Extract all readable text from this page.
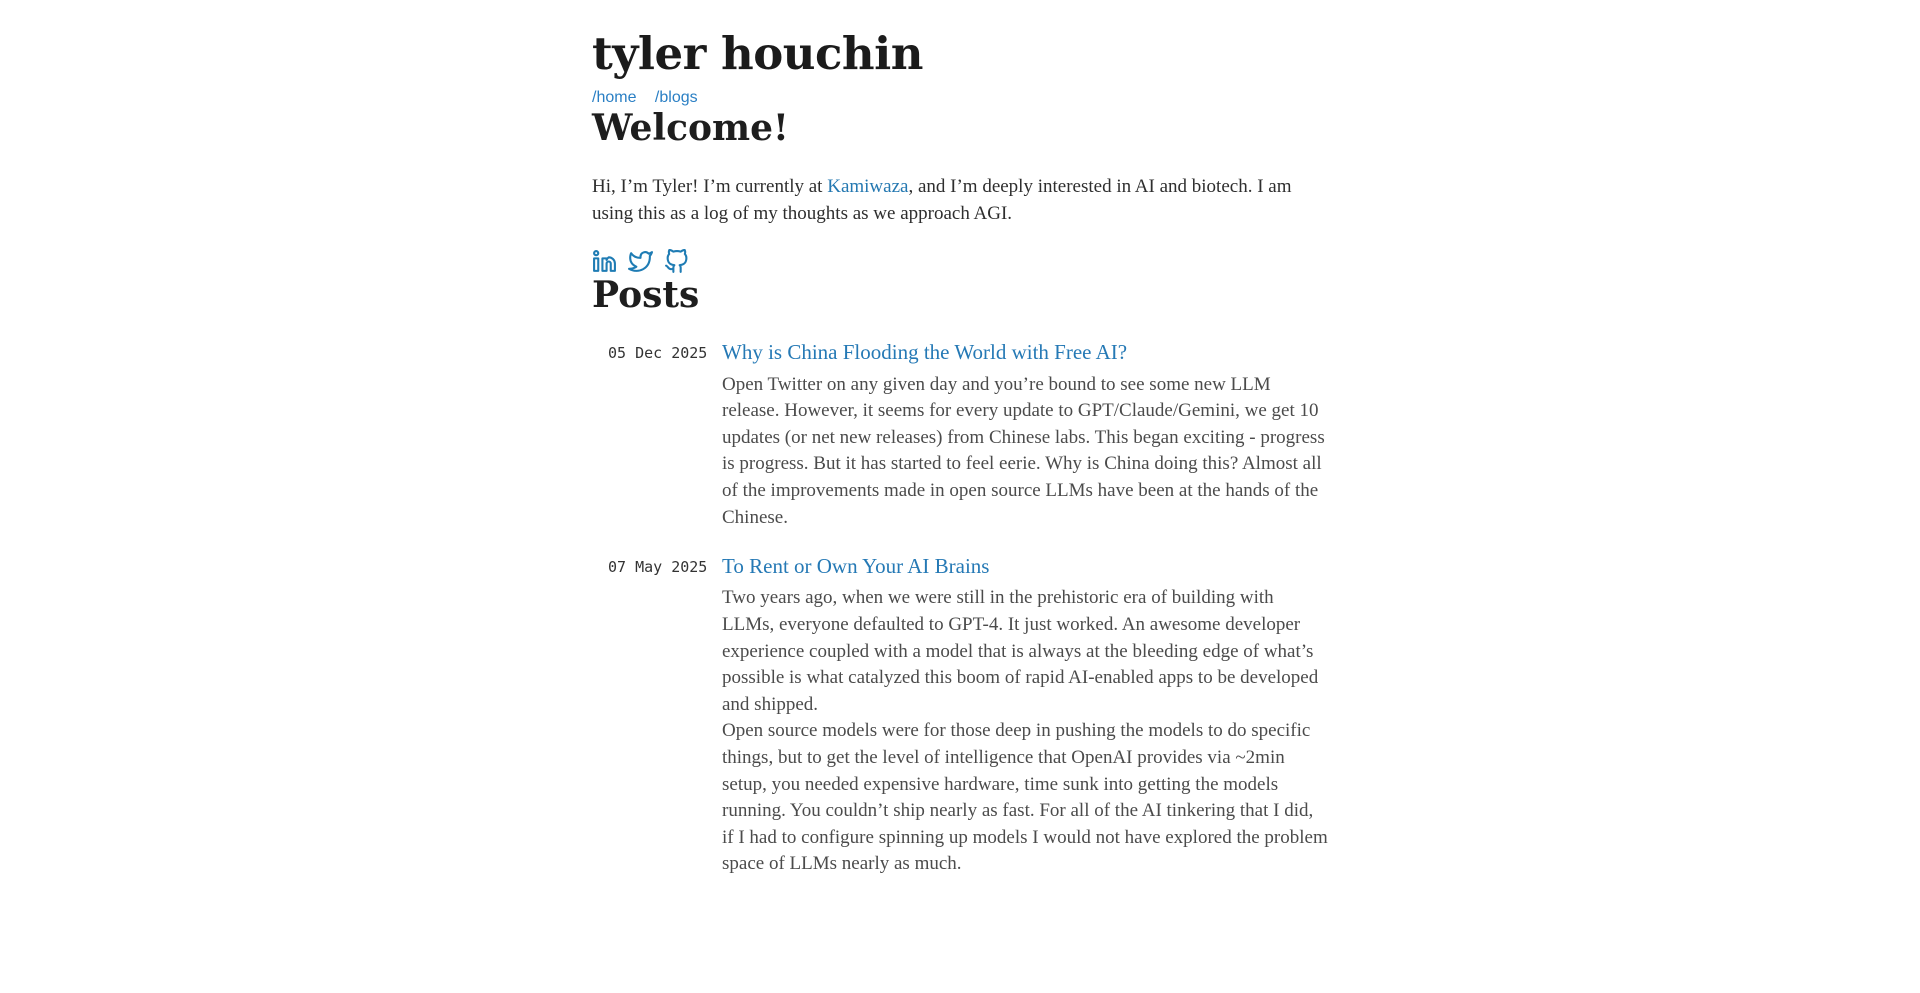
tyler houchin
/home /blogs
Welcome!

Hi, I’m Tyler! I’m currently at Kamiwaza, and I’m deeply interested in AI and biotech. I am using this as a log of my thoughts as we approach AGI.

Posts
05 Dec 2025 Why is China Flooding the World with Free AI?

Open Twitter on any given day and you’re bound to see some new LLM release. However, it seems for every update to GPT/Claude/Gemini, we get 10 updates (or net new releases) from Chinese labs. This began exciting - progress is progress. But it has started to feel eerie. Why is China doing this? Almost all of the improvements made in open source LLMs have been at the hands of the Chinese.

07 May 2025 To Rent or Own Your AI Brains

Two years ago, when we were still in the prehistoric era of building with LLMs, everyone defaulted to GPT-4. It just worked. An awesome developer experience coupled with a model that is always at the bleeding edge of what’s possible is what catalyzed this boom of rapid AI-enabled apps to be developed and shipped.

Open source models were for those deep in pushing the models to do specific things, but to get the level of intelligence that OpenAI provides via ~2min setup, you needed expensive hardware, time sunk into getting the models running. You couldn’t ship nearly as fast. For all of the AI tinkering that I did, if I had to configure spinning up models I would not have explored the problem space of LLMs nearly as much.
